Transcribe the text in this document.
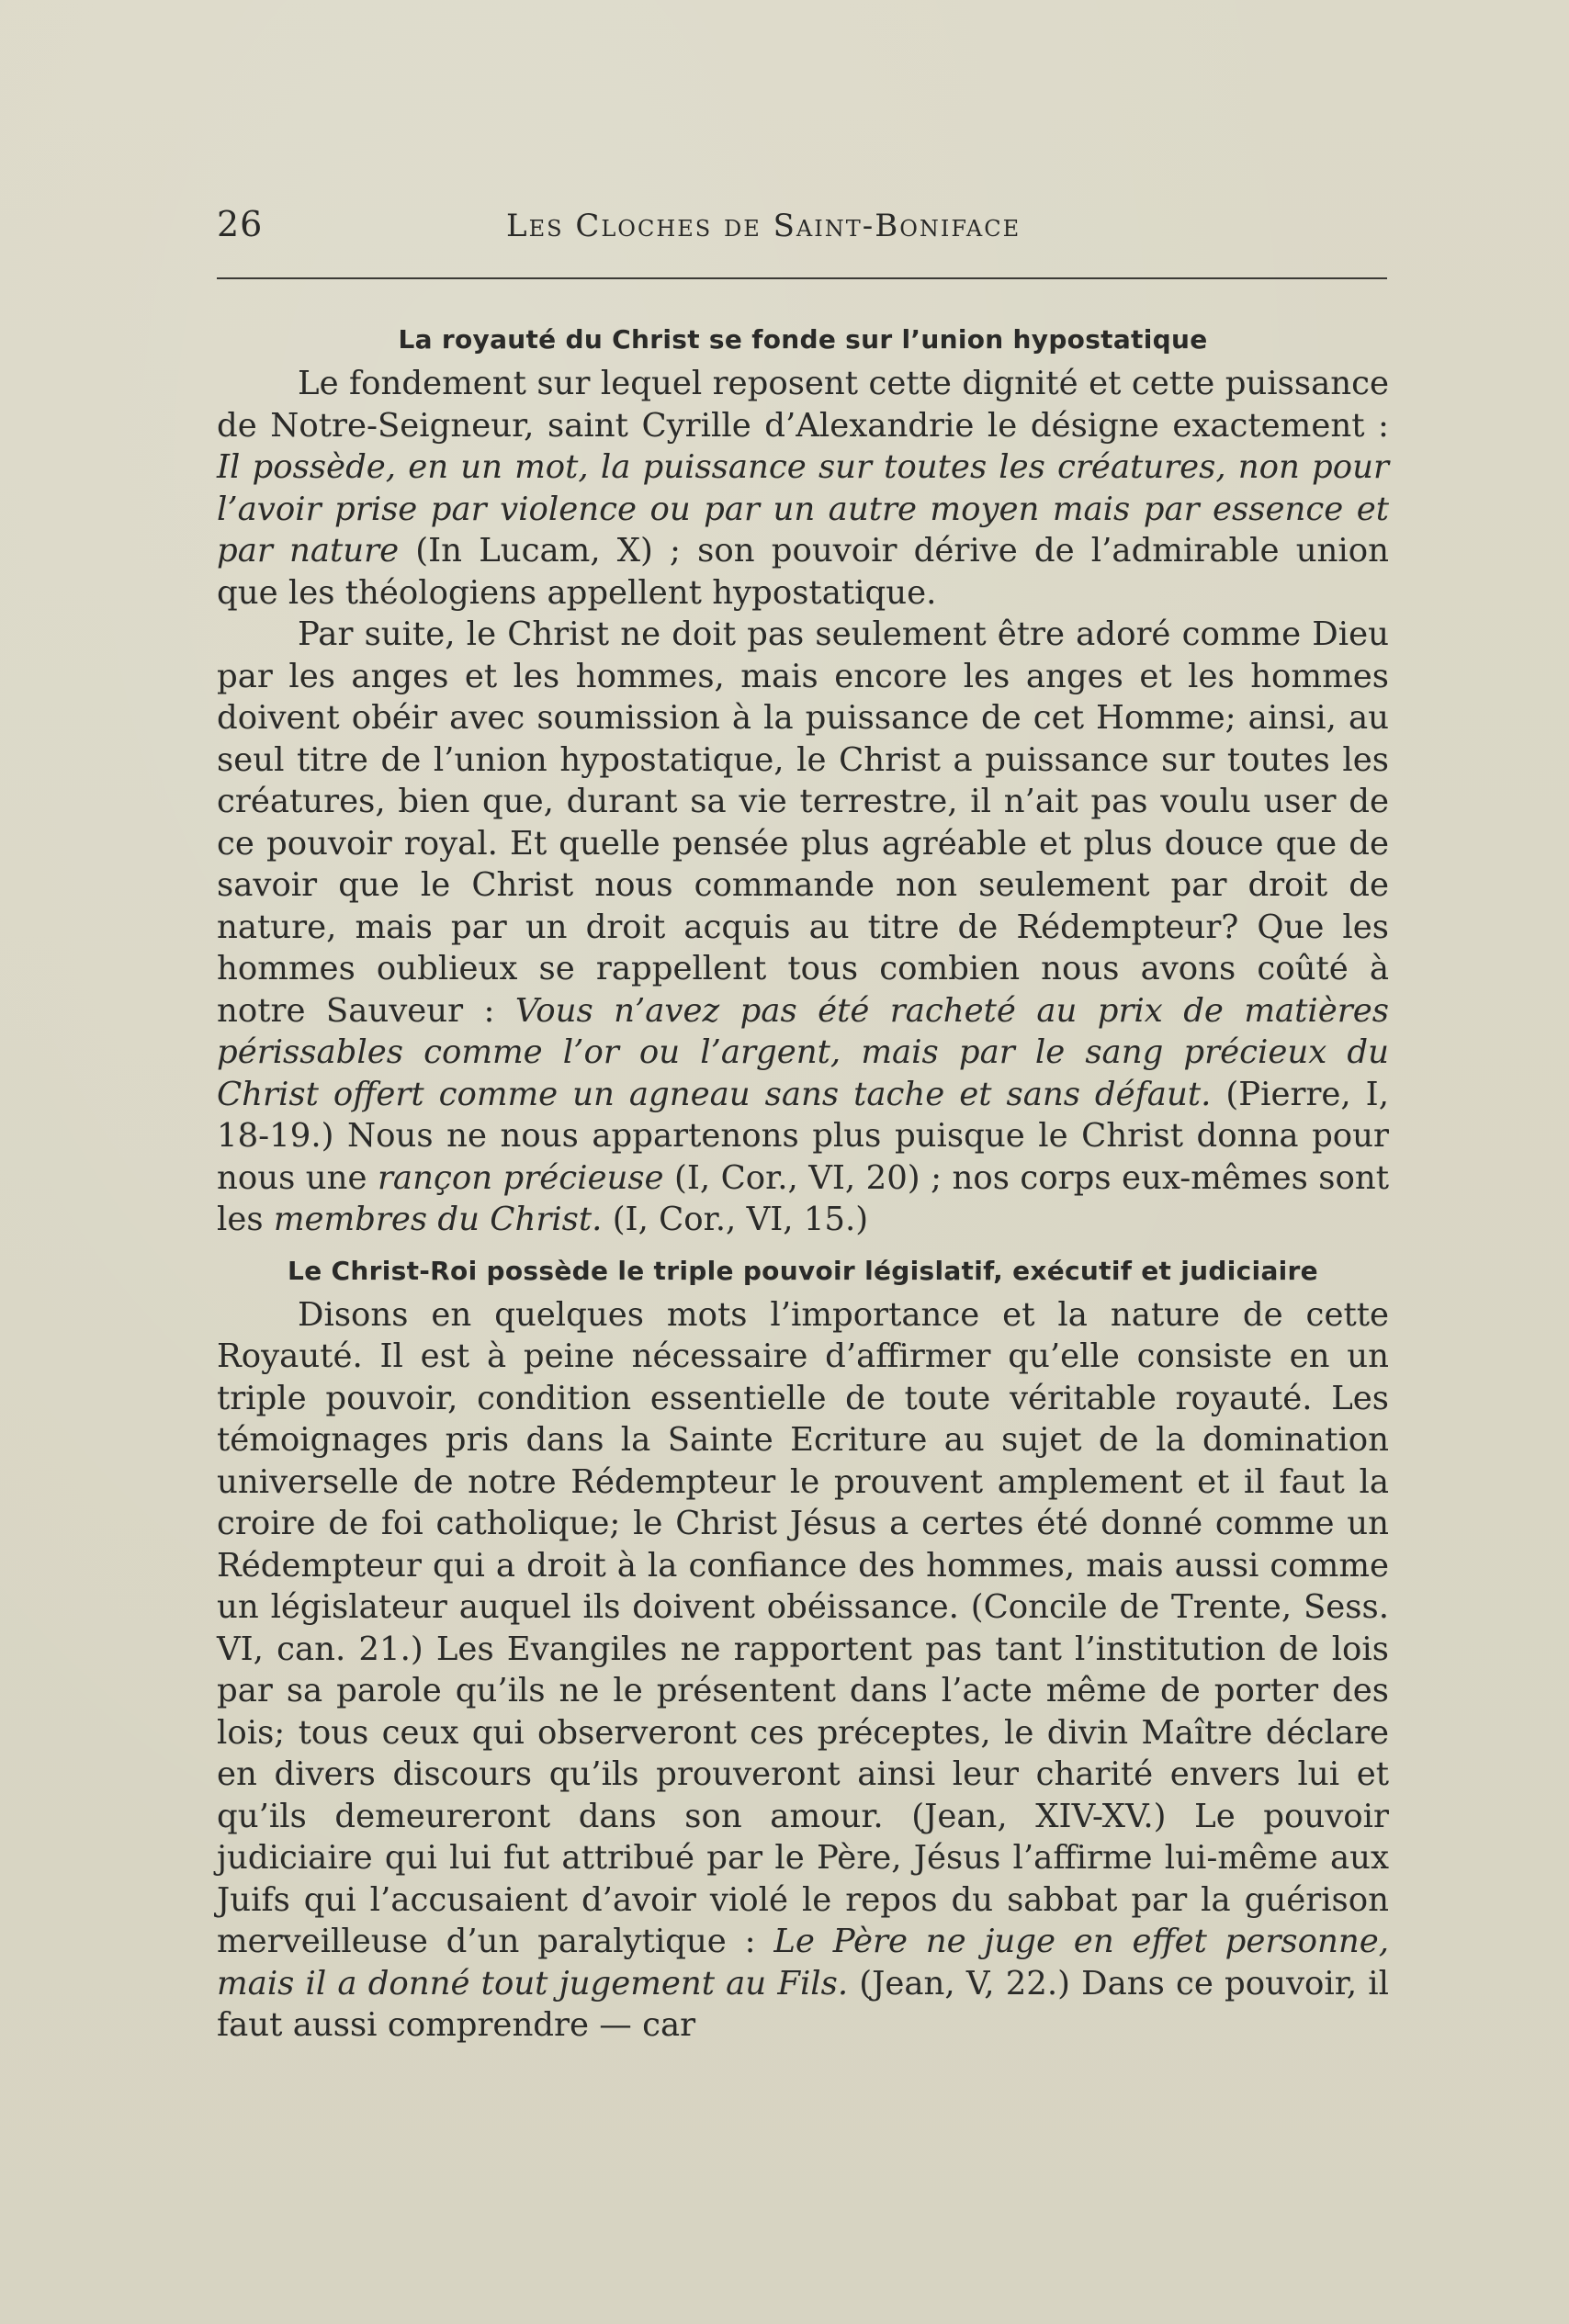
26	Les Cloches de Saint-Boniface
La royauté du Christ se fonde sur l’union hypostatique

Le fondement sur lequel reposent cette dignité et cette puissance de Notre-Seigneur, saint Cyrille d’Alexandrie le désigne exactement : Il possède, en un mot, la puissance sur toutes les créatures, non pour l’avoir prise par violence ou par un autre moyen mais par essence et par nature (In Lucam, X) ; son pouvoir dérive de l’admirable union que les théologiens appellent hypostatique.

Par suite, le Christ ne doit pas seulement être adoré comme Dieu par les anges et les hommes, mais encore les anges et les hommes doivent obéir avec soumission à la puissance de cet Homme; ainsi, au seul titre de l’union hypostatique, le Christ a puissance sur toutes les créatures, bien que, durant sa vie terrestre, il n’ait pas voulu user de ce pouvoir royal. Et quelle pensée plus agréable et plus douce que de savoir que le Christ nous commande non seulement par droit de nature, mais par un droit acquis au titre de Rédempteur? Que les hommes oublieux se rappellent tous combien nous avons coûté à notre Sauveur : Vous n’avez pas été racheté au prix de matières périssables comme l’or ou l’argent, mais par le sang précieux du Christ offert comme un agneau sans tache et sans défaut. (Pierre, I, 18-19.) Nous ne nous appartenons plus puisque le Christ donna pour nous une rançon précieuse (I, Cor., VI, 20) ; nos corps eux-mêmes sont les membres du Christ. (I, Cor., VI, 15.)

Le Christ-Roi possède le triple pouvoir législatif, exécutif et judiciaire

Disons en quelques mots l’importance et la nature de cette Royauté. Il est à peine nécessaire d’affirmer qu’elle consiste en un triple pouvoir, condition essentielle de toute véritable royauté. Les témoignages pris dans la Sainte Ecriture au sujet de la domination universelle de notre Rédempteur le prouvent amplement et il faut la croire de foi catholique; le Christ Jésus a certes été donné comme un Rédempteur qui a droit à la confiance des hommes, mais aussi comme un législateur auquel ils doivent obéissance. (Concile de Trente, Sess. VI, can. 21.) Les Evangiles ne rapportent pas tant l’institution de lois par sa parole qu’ils ne le présentent dans l’acte même de porter des lois; tous ceux qui observeront ces préceptes, le divin Maître déclare en divers discours qu’ils prouveront ainsi leur charité envers lui et qu’ils demeureront dans son amour. (Jean, XIV-XV.) Le pouvoir judiciaire qui lui fut attribué par le Père, Jésus l’affirme lui-même aux Juifs qui l’accusaient d’avoir violé le repos du sabbat par la guérison merveilleuse d’un paralytique : Le Père ne juge en effet personne, mais il a donné tout jugement au Fils. (Jean, V, 22.) Dans ce pouvoir, il faut aussi comprendre — car
